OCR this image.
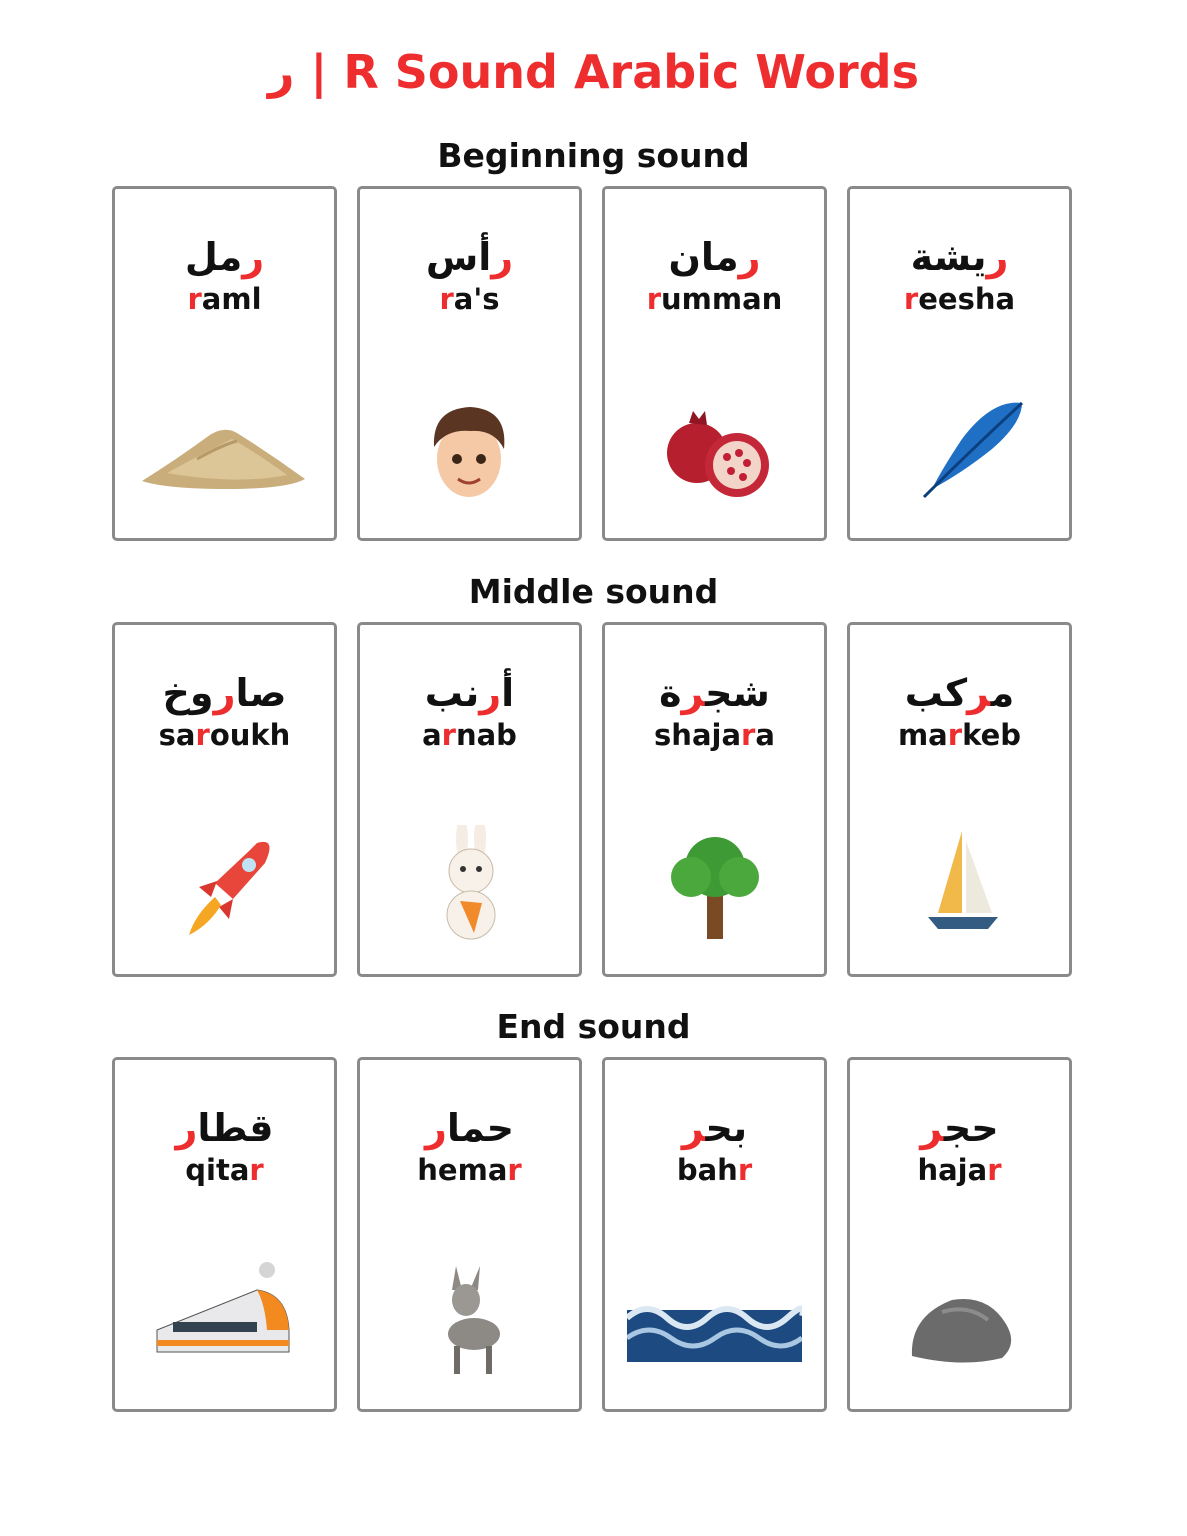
ر | R Sound Arabic Words
Beginning sound
رمل
raml
رأس
ra's
رمان
rumman
ريشة
reesha
Middle sound
صاروخ
saroukh
أرنب
arnab
شجرة
shajara
مركب
markeb
End sound
قطار
qitar
حمار
hemar
بحر
bahr
حجر
hajar
